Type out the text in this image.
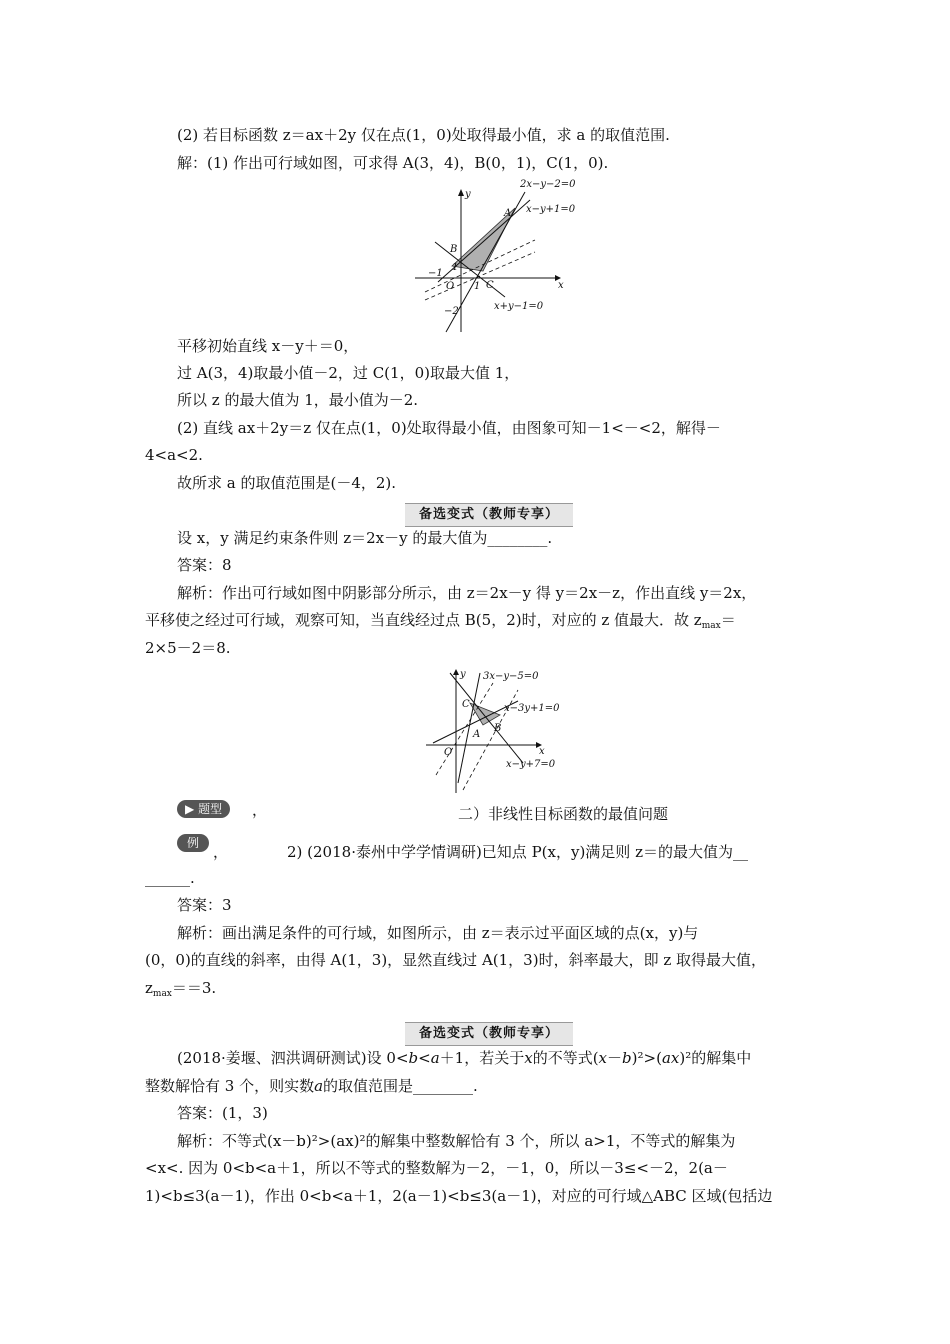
(2) 若目标函数 z＝ax＋2y 仅在点(1，0)处取得最小值，求 a 的取值范围.
解：(1) 作出可行域如图，可求得 A(3，4)，B(0，1)，C(1，0).
2x−y−2=0
x−y+1=0
x+y−1=0
A
B
C
O	x
y
−1
1
1
−2
平移初始直线 x－y＋＝0，
过 A(3，4)取最小值－2，过 C(1，0)取最大值 1，
所以 z 的最大值为 1，最小值为－2.
(2) 直线 ax＋2y＝z 仅在点(1，0)处取得最小值，由图象可知－1<－<2，解得－
4<a<2.
故所求 a 的取值范围是(－4，2).
备选变式（教师专享）
设 x，y 满足约束条件则 z＝2x－y 的最大值为________.
答案：8
解析：作出可行域如图中阴影部分所示，由 z＝2x－y 得 y＝2x－z，作出直线 y＝2x，
平移使之经过可行域，观察可知，当直线经过点 B(5，2)时，对应的 z 值最大．故 $z_{max}=$
2×5－2＝8.
3x−y−5=0
x−3y+1=0
x−y+7=0
C
B
A
O	x
y
▶ 题型	，	二）非线性目标函数的最值问题
例 ，	2) (2018·泰州中学学情调研)已知点 P(x，y)满足则 z＝的最大值为__
______.
答案：3
解析：画出满足条件的可行域，如图所示，由 z＝表示过平面区域的点(x，y)与
(0，0)的直线的斜率，由得 A(1，3)，显然直线过 A(1，3)时，斜率最大，即 z 取得最大值，
$z_{max}==3$.
备选变式（教师专享）
(2018·姜堰、泗洪调研测试)设 0<b<a＋1，若关于x的不等式(x－b)²>(ax)²的解集中
整数解恰有 3 个，则实数a的取值范围是________.
答案：(1，3)
解析：不等式(x－b)²>(ax)²的解集中整数解恰有 3 个，所以 a>1，不等式的解集为
<x<. 因为 0<b<a＋1，所以不等式的整数解为－2，－1，0，所以－3≤<－2，2(a－
1)<b≤3(a－1)，作出 0<b<a＋1，2(a－1)<b≤3(a－1)，对应的可行域△ABC 区域(包括边
